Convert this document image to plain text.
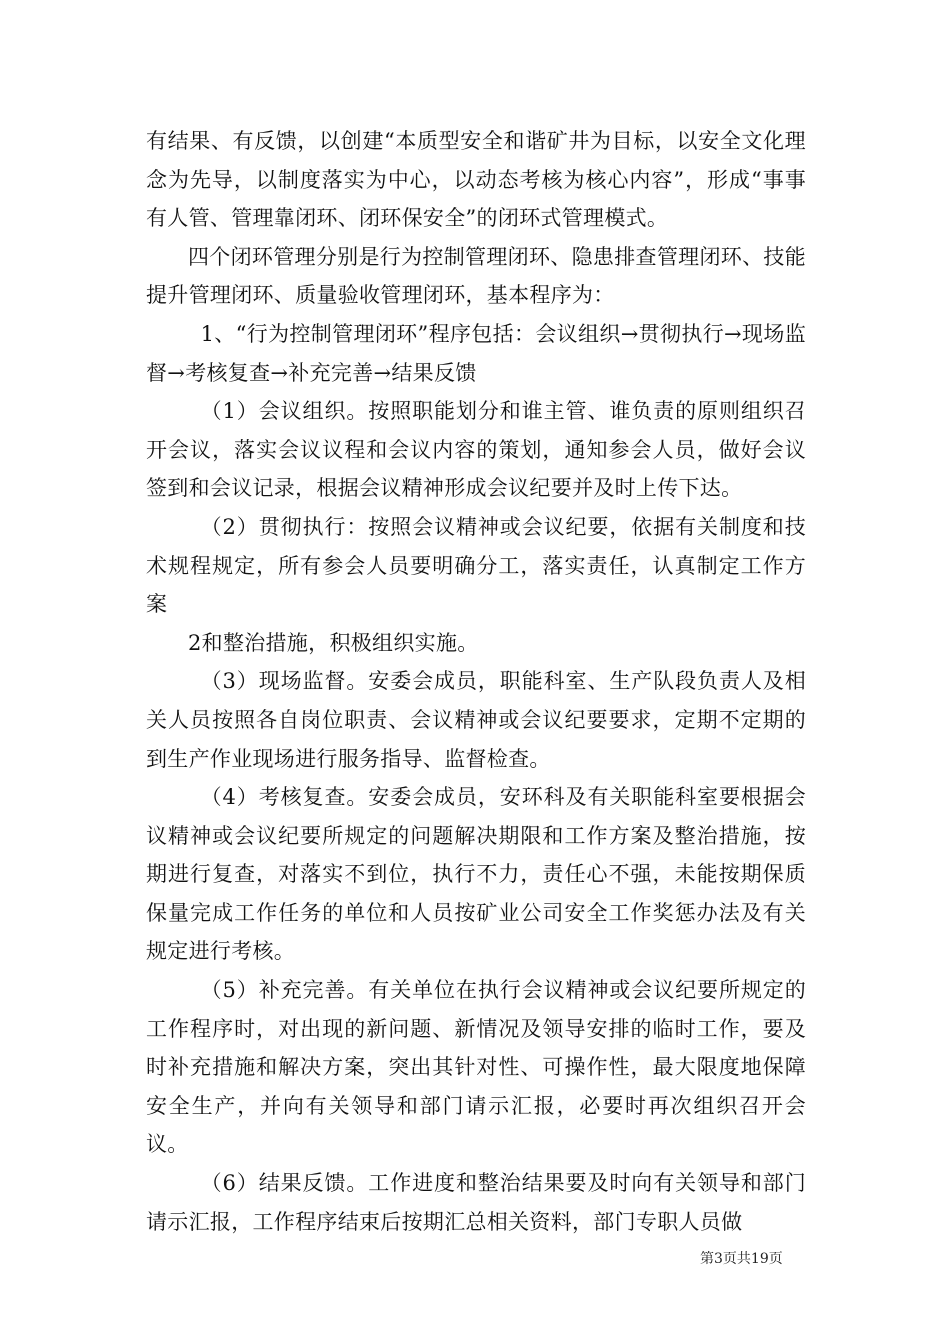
有结果、有反馈，以创建“本质型安全和谐矿井为目标，以安全文化理念为先导，以制度落实为中心，以动态考核为核心内容”，形成“事事有人管、管理靠闭环、闭环保安全”的闭环式管理模式。

四个闭环管理分别是行为控制管理闭环、隐患排查管理闭环、技能提升管理闭环、质量验收管理闭环，基本程序为：

1、“行为控制管理闭环”程序包括：会议组织→贯彻执行→现场监督→考核复查→补充完善→结果反馈

（1）会议组织。按照职能划分和谁主管、谁负责的原则组织召开会议，落实会议议程和会议内容的策划，通知参会人员，做好会议签到和会议记录，根据会议精神形成会议纪要并及时上传下达。

（2）贯彻执行：按照会议精神或会议纪要，依据有关制度和技术规程规定，所有参会人员要明确分工，落实责任，认真制定工作方案

2和整治措施，积极组织实施。

（3）现场监督。安委会成员，职能科室、生产队段负责人及相关人员按照各自岗位职责、会议精神或会议纪要要求，定期不定期的到生产作业现场进行服务指导、监督检查。

（4）考核复查。安委会成员，安环科及有关职能科室要根据会议精神或会议纪要所规定的问题解决期限和工作方案及整治措施，按期进行复查，对落实不到位，执行不力，责任心不强，未能按期保质保量完成工作任务的单位和人员按矿业公司安全工作奖惩办法及有关规定进行考核。

（5）补充完善。有关单位在执行会议精神或会议纪要所规定的工作程序时，对出现的新问题、新情况及领导安排的临时工作，要及时补充措施和解决方案，突出其针对性、可操作性，最大限度地保障安全生产，并向有关领导和部门请示汇报，必要时再次组织召开会议。

（6）结果反馈。工作进度和整治结果要及时向有关领导和部门请示汇报，工作程序结束后按期汇总相关资料，部门专职人员做

第3页共19页
